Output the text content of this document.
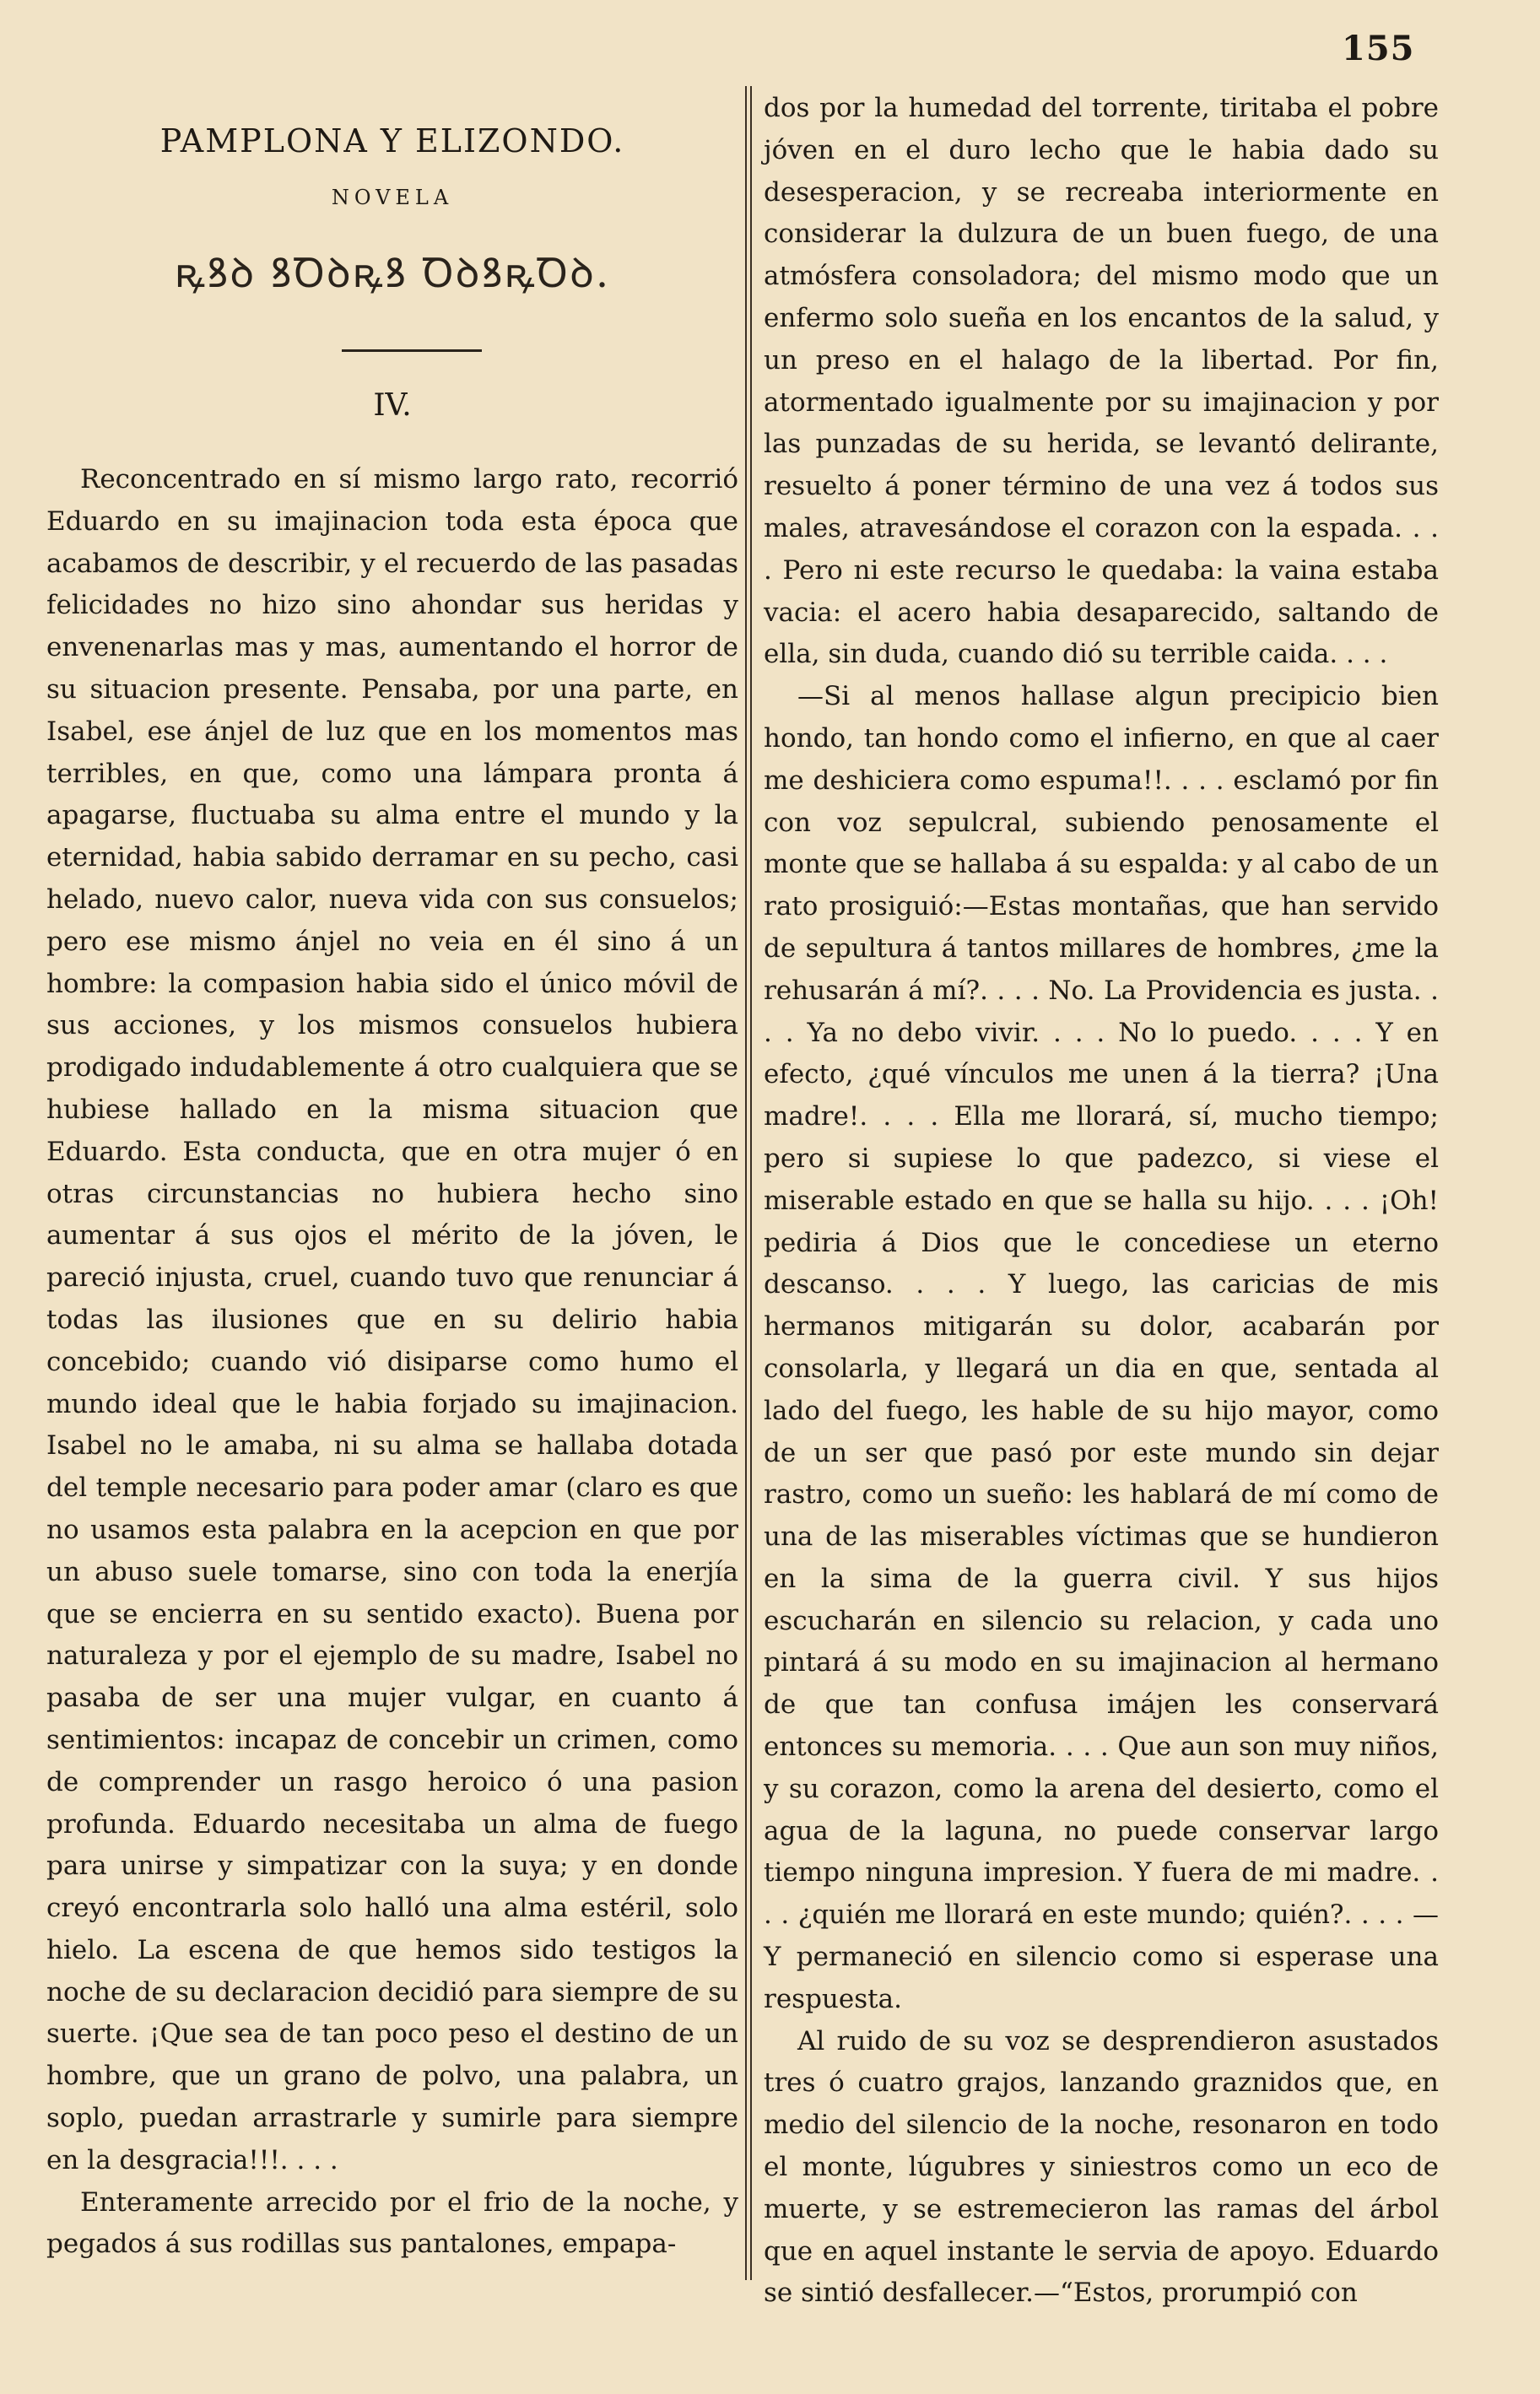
155
PAMPLONA Y ELIZONDO.
NOVELA
ꝶꝸꝺ ꝸꝹꝺꝶꝸ ꝹꝺꝸꝶꝹꝺ.
IV.

Reconcentrado en sí mismo largo rato, recorrió Eduardo en su imajinacion toda esta época que acabamos de describir, y el recuerdo de las pasadas felicidades no hizo sino ahondar sus heridas y envenenarlas mas y mas, aumentando el horror de su situacion presente. Pensaba, por una parte, en Isabel, ese ánjel de luz que en los momentos mas terribles, en que, como una lámpara pronta á apagarse, fluctuaba su alma entre el mundo y la eternidad, habia sabido derramar en su pecho, casi helado, nuevo calor, nueva vida con sus consuelos; pero ese mismo ánjel no veia en él sino á un hombre: la compasion habia sido el único móvil de sus acciones, y los mismos consuelos hubiera prodigado indudablemente á otro cualquiera que se hubiese hallado en la misma situacion que Eduardo. Esta conducta, que en otra mujer ó en otras circunstancias no hubiera hecho sino aumentar á sus ojos el mérito de la jóven, le pareció injusta, cruel, cuando tuvo que renunciar á todas las ilusiones que en su delirio habia concebido; cuando vió disiparse como humo el mundo ideal que le habia forjado su imajinacion. Isabel no le amaba, ni su alma se hallaba dotada del temple necesario para poder amar (claro es que no usamos esta palabra en la acepcion en que por un abuso suele tomarse, sino con toda la enerjía que se encierra en su sentido exacto). Buena por naturaleza y por el ejemplo de su madre, Isabel no pasaba de ser una mujer vulgar, en cuanto á sentimientos: incapaz de concebir un crimen, como de comprender un rasgo heroico ó una pasion profunda. Eduardo necesitaba un alma de fuego para unirse y simpatizar con la suya; y en donde creyó encontrarla solo halló una alma estéril, solo hielo. La escena de que hemos sido testigos la noche de su declaracion decidió para siempre de su suerte. ¡Que sea de tan poco peso el destino de un hombre, que un grano de polvo, una palabra, un soplo, puedan arrastrarle y sumirle para siempre en la desgracia!!!. . . .

Enteramente arrecido por el frio de la noche, y pegados á sus rodillas sus pantalones, empapa-

dos por la humedad del torrente, tiritaba el pobre jóven en el duro lecho que le habia dado su desesperacion, y se recreaba interiormente en considerar la dulzura de un buen fuego, de una atmósfera consoladora; del mismo modo que un enfermo solo sueña en los encantos de la salud, y un preso en el halago de la libertad. Por fin, atormentado igualmente por su imajinacion y por las punzadas de su herida, se levantó delirante, resuelto á poner término de una vez á todos sus males, atravesándose el corazon con la espada. . . . Pero ni este recurso le quedaba: la vaina estaba vacia: el acero habia desaparecido, saltando de ella, sin duda, cuando dió su terrible caida. . . .

—Si al menos hallase algun precipicio bien hondo, tan hondo como el infierno, en que al caer me deshiciera como espuma!!. . . . esclamó por fin con voz sepulcral, subiendo penosamente el monte que se hallaba á su espalda: y al cabo de un rato prosiguió:—Estas montañas, que han servido de sepultura á tantos millares de hombres, ¿me la rehusarán á mí?. . . . No. La Providencia es justa. . . . Ya no debo vivir. . . . No lo puedo. . . . Y en efecto, ¿qué vínculos me unen á la tierra? ¡Una madre!. . . . Ella me llorará, sí, mucho tiempo; pero si supiese lo que padezco, si viese el miserable estado en que se halla su hijo. . . . ¡Oh! pediria á Dios que le concediese un eterno descanso. . . . Y luego, las caricias de mis hermanos mitigarán su dolor, acabarán por consolarla, y llegará un dia en que, sentada al lado del fuego, les hable de su hijo mayor, como de un ser que pasó por este mundo sin dejar rastro, como un sueño: les hablará de mí como de una de las miserables víctimas que se hundieron en la sima de la guerra civil. Y sus hijos escucharán en silencio su relacion, y cada uno pintará á su modo en su imajinacion al hermano de que tan confusa imájen les conservará entonces su memoria. . . . Que aun son muy niños, y su corazon, como la arena del desierto, como el agua de la laguna, no puede conservar largo tiempo ninguna impresion. Y fuera de mi madre. . . . ¿quién me llorará en este mundo; quién?. . . . —Y permaneció en silencio como si esperase una respuesta.

Al ruido de su voz se desprendieron asustados tres ó cuatro grajos, lanzando graznidos que, en medio del silencio de la noche, resonaron en todo el monte, lúgubres y siniestros como un eco de muerte, y se estremecieron las ramas del árbol que en aquel instante le servia de apoyo. Eduardo se sintió desfallecer.—“Estos, prorumpió con
